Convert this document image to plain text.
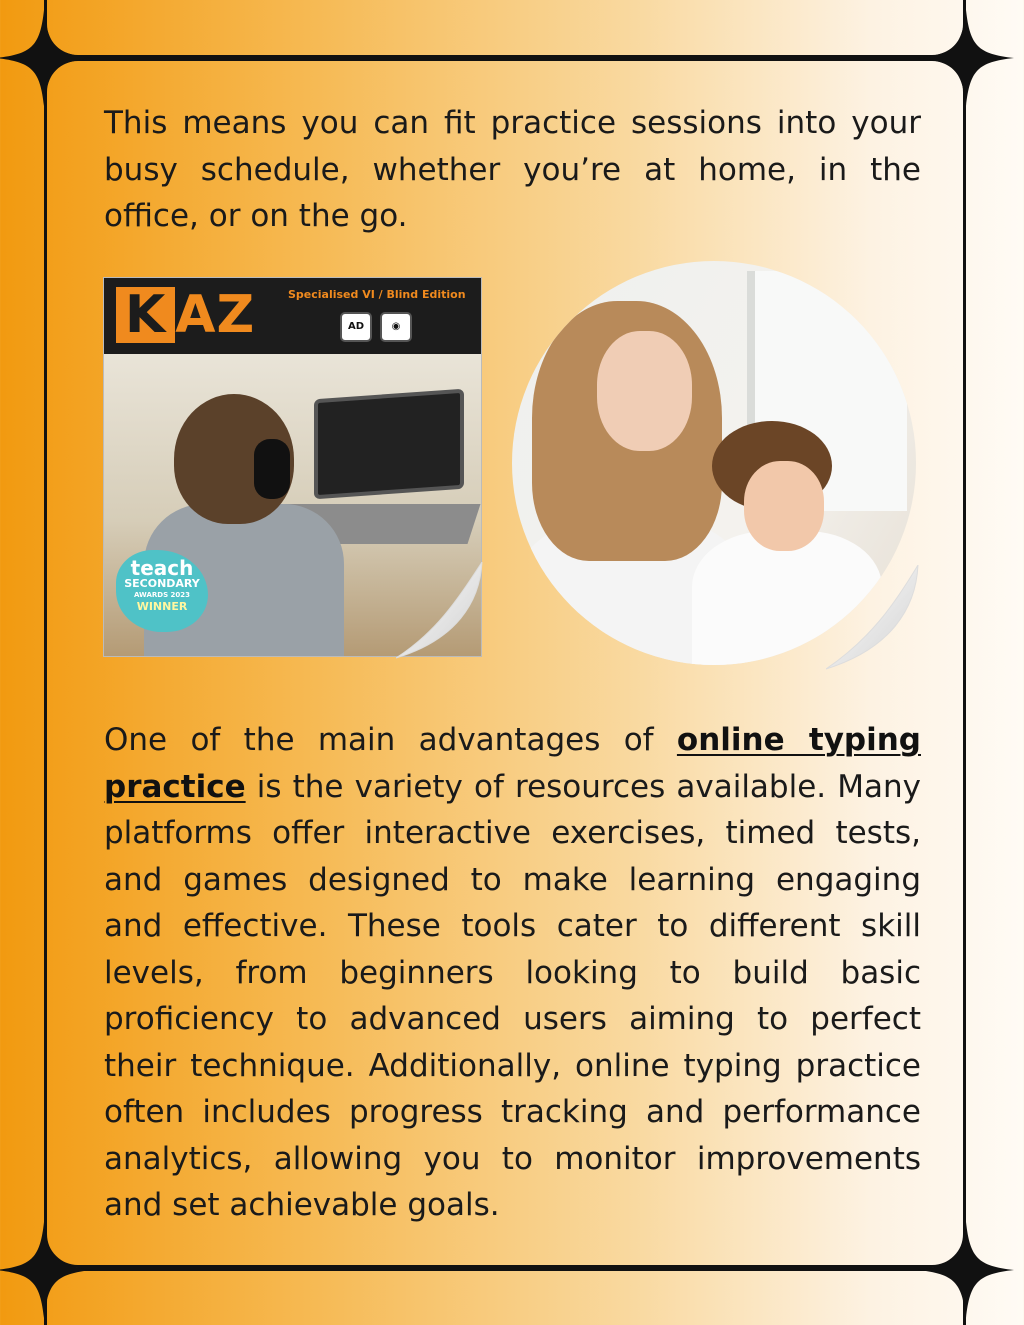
This means you can fit practice sessions into your busy schedule, whether you’re at home, in the office, or on the go.

K AZ	Specialised VI / Blind Edition
AD	◉
teach
SECONDARY
AWARDS 2023
WINNER

One of the main advantages of online typing practice is the variety of resources available. Many platforms offer interactive exercises, timed tests, and games designed to make learning engaging and effective. These tools cater to different skill levels, from beginners looking to build basic proficiency to advanced users aiming to perfect their technique. Additionally, online typing practice often includes progress tracking and performance analytics, allowing you to monitor improvements and set achievable goals.
